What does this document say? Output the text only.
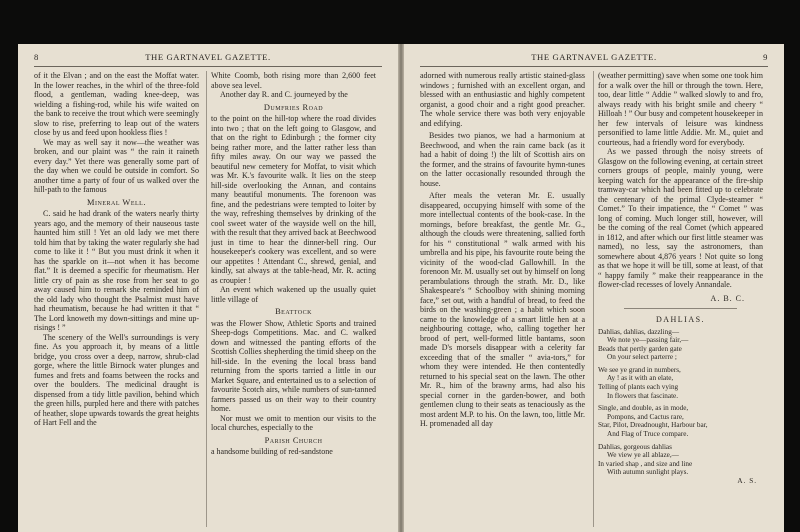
8	THE GARTNAVEL GAZETTE.

of it the Elvan ; and on the east the Moffat water. In the lower reaches, in the whirl of the three-fold flood, a gentleman, wading knee-deep, was wielding a fishing-rod, while his wife waited on the bank to receive the trout which were seemingly slow to rise, preferring to leap out of the waters close by us and feed upon hookless flies !

We may as well say it now—the weather was broken, and our plaint was “ the rain it raineth every day.” Yet there was generally some part of the day when we could be outside in comfort. So another time a party of four of us walked over the hill-path to the famous

Mineral Well.

C. said he had drank of the waters nearly thirty years ago, and the memory of their nauseous taste haunted him still ! Yet an old lady we met there told him that by taking the water regularly she had come to like it ! “ But you must drink it when it has the sparkle on it—not when it has become flat.” It is deemed a specific for rheumatism. Her little cry of pain as she rose from her seat to go away caused him to remark she reminded him of the old lady who thought the Psalmist must have had rheumatism, because he had written it that “ The Lord knoweth my down-sittings and mine up-risings ! ”

The scenery of the Well's surroundings is very fine. As you approach it, by means of a little bridge, you cross over a deep, narrow, shrub-clad gorge, where the little Birnock water plunges and fumes and frets and foams between the rocks and over the boulders. The medicinal draught is dispensed from a tidy little pavilion, behind which the green hills, purpled here and there with patches of heather, slope upwards towards the great heights of Hart Fell and the

White Coomb, both rising more than 2,600 feet above sea level.

Another day R. and C. journeyed by the

Dumfries Road

to the point on the hill-top where the road divides into two ; that on the left going to Glasgow, and that on the right to Edinburgh ; the former city being rather more, and the latter rather less than fifty miles away. On our way we passed the beautiful new cemetery for Moffat, to visit which was Mr. K.'s favourite walk. It lies on the steep hill-side overlooking the Annan, and contains many beautiful monuments. The forenoon was fine, and the pedestrians were tempted to loiter by the way, refreshing themselves by drinking of the cool sweet water of the wayside well on the hill, with the result that they arrived back at Beechwood just in time to hear the dinner-bell ring. Our housekeeper's cookery was excellent, and so were our appetites ! Attendant C., shrewd, genial, and kindly, sat always at the table-head, Mr. R. acting as croupier !

An event which wakened up the usually quiet little village of

Beattock

was the Flower Show, Athletic Sports and trained Sheep-dogs Competitions. Mac. and C. walked down and witnessed the panting efforts of the Scottish Collies shepherding the timid sheep on the hill-side. In the evening the local brass band returning from the sports tarried a little in our Market Square, and entertained us to a selection of favourite Scotch airs, while numbers of sun-tanned farmers passed us on their way to their country home.

Nor must we omit to mention our visits to the local churches, especially to the

Parish Church

a handsome building of red-sandstone

THE GARTNAVEL GAZETTE.	9

adorned with numerous really artistic stained-glass windows ; furnished with an excellent organ, and blessed with an enthusiastic and highly competent organist, a good choir and a right good preacher. The whole service there was both very enjoyable and edifying.

Besides two pianos, we had a harmonium at Beechwood, and when the rain came back (as it had a habit of doing !) the lilt of Scottish airs on the former, and the strains of favourite hymn-tunes on the latter occasionally resounded through the house.

After meals the veteran Mr. E. usually disappeared, occupying himself with some of the more intellectual contents of the book-case. In the mornings, before breakfast, the gentle Mr. G., although the clouds were threatening, sallied forth for his “ constitutional ” walk armed with his umbrella and his pipe, his favourite route being the vicinity of the wood-clad Gallowhill. In the forenoon Mr. M. usually set out by himself on long perambulations through the strath. Mr. D., like Shakespeare's “ Schoolboy with shining morning face,” set out, with a handful of bread, to feed the birds on the washing-green ; a habit which soon came to the knowledge of a smart little hen at a neighbouring cottage, who, calling together her brood of pert, well-formed little bantams, soon made D's morsels disappear with a celerity far exceeding that of the smaller “ avia-tors,” for whom they were intended. He then contentedly returned to his special seat on the lawn. The other Mr. R., him of the brawny arms, had also his special corner in the garden-bower, and both gentlemen clung to their seats as tenaciously as the most ardent M.P. to his. On the lawn, too, little Mr. H. promenaded all day

(weather permitting) save when some one took him for a walk over the hill or through the town. Here, too, dear little “ Addie ” walked slowly to and fro, always ready with his bright smile and cheery “ Hilloah ! ” Our busy and competent housekeeper in her few intervals of leisure was kindness personified to lame little Addie. Mr. M., quiet and courteous, had a friendly word for everybody.

As we passed through the noisy streets of Glasgow on the following evening, at certain street corners groups of people, mainly young, were keeping watch for the appearance of the fire-ship tramway-car which had been fitted up to celebrate the centenary of the primal Clyde-steamer “ Comet.” To their impatience, the “ Comet ” was long of coming. Much longer still, however, will be the coming of the real Comet (which appeared in 1812, and after which our first little steamer was named), no less, say the astronomers, than somewhere about 4,876 years ! Not quite so long as that we hope it will be till, some at least, of that “ happy family ” make their reappearance in the flower-clad recesses of lovely Annandale.

A. B. C.
DAHLIAS.

Dahlias, dahlias, dazzling—

We note ye—passing fair,—

Beads that pertly garden gate

On your select parterre ;

We see ye grand in numbers,

Ay ! as it with an elate,

Telling of plants each vying

In flowers that fascinate.

Single, and double, as in mode,

Pompons, and Cactus rare,

Star, Pilot, Dreadnought, Harbour bar,

And Flag of Truce compare.

Dahlias, gorgeous dahlias

We view ye all ablaze,—

In varied shap , and size and line

With autumn sunlight plays.

A. S.
